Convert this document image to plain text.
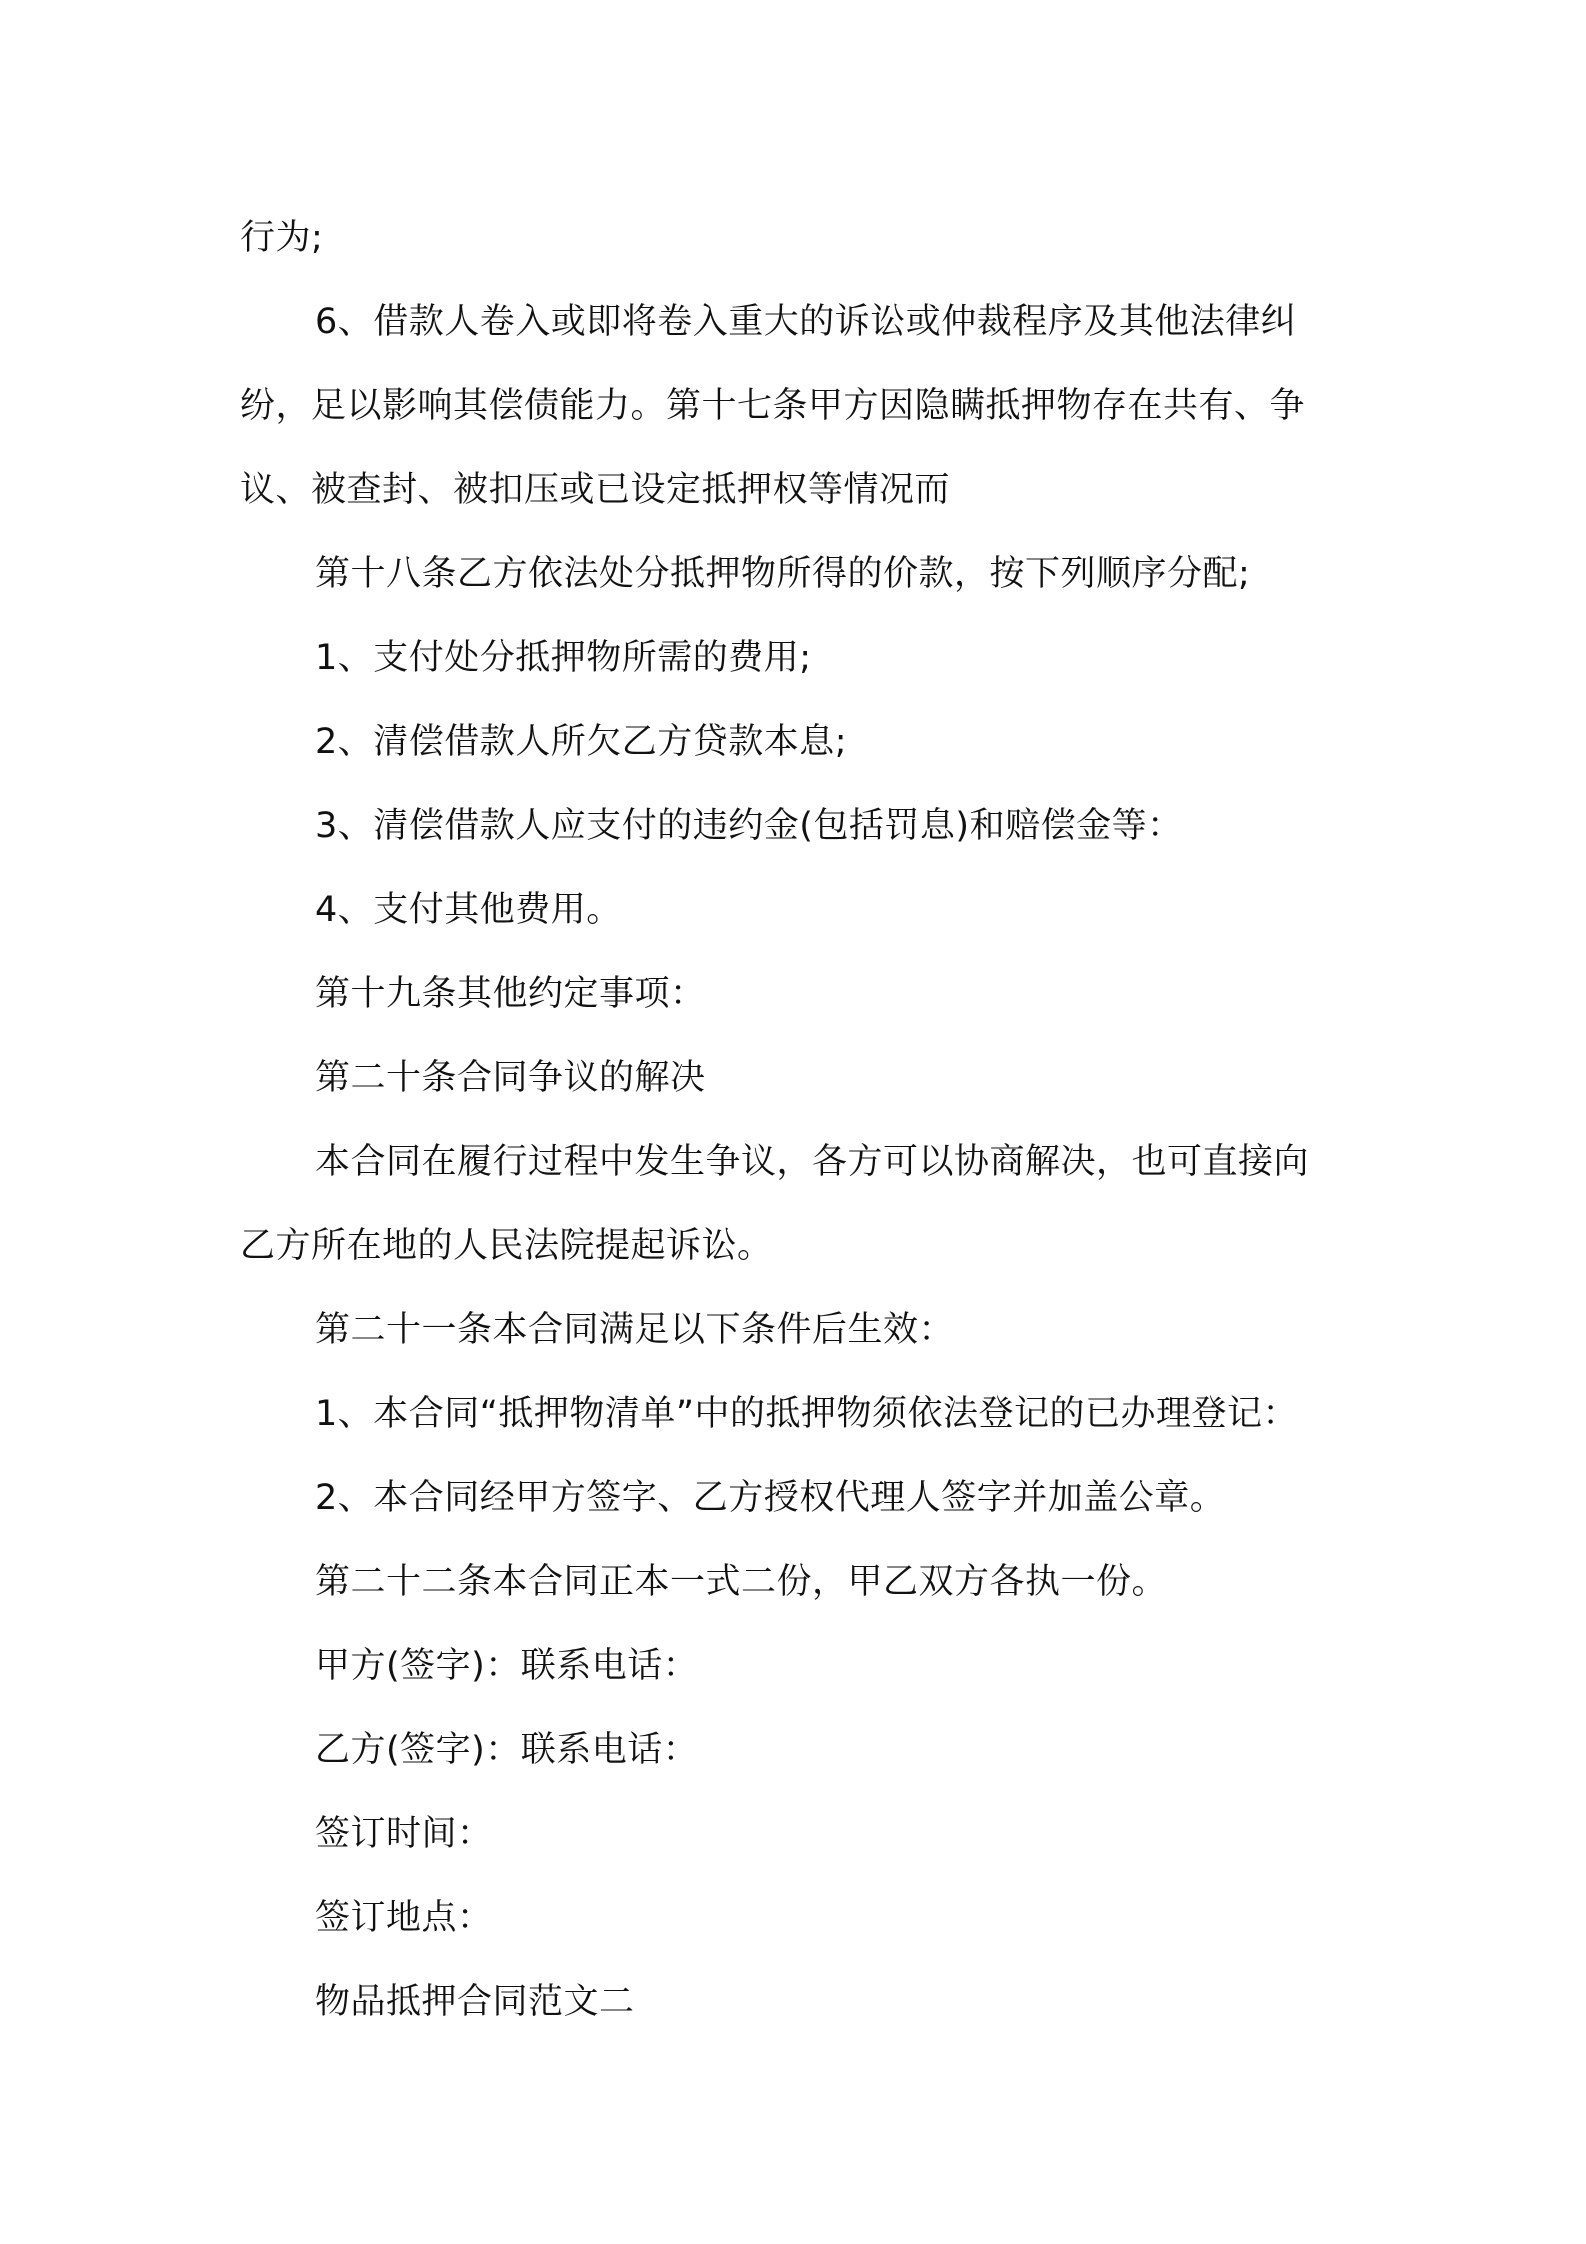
行为;

6、借款人卷入或即将卷入重大的诉讼或仲裁程序及其他法律纠
纷，足以影响其偿债能力。第十七条甲方因隐瞒抵押物存在共有、争
议、被查封、被扣压或已设定抵押权等情况而

第十八条乙方依法处分抵押物所得的价款，按下列顺序分配;

1、支付处分抵押物所需的费用;

2、清偿借款人所欠乙方贷款本息;

3、清偿借款人应支付的违约金(包括罚息)和赔偿金等：

4、支付其他费用。

第十九条其他约定事项：

第二十条合同争议的解决

本合同在履行过程中发生争议，各方可以协商解决，也可直接向
乙方所在地的人民法院提起诉讼。

第二十一条本合同满足以下条件后生效：

1、本合同“抵押物清单”中的抵押物须依法登记的已办理登记：

2、本合同经甲方签字、乙方授权代理人签字并加盖公章。

第二十二条本合同正本一式二份，甲乙双方各执一份。

甲方(签字)：联系电话：

乙方(签字)：联系电话：

签订时间：

签订地点：

物品抵押合同范文二
